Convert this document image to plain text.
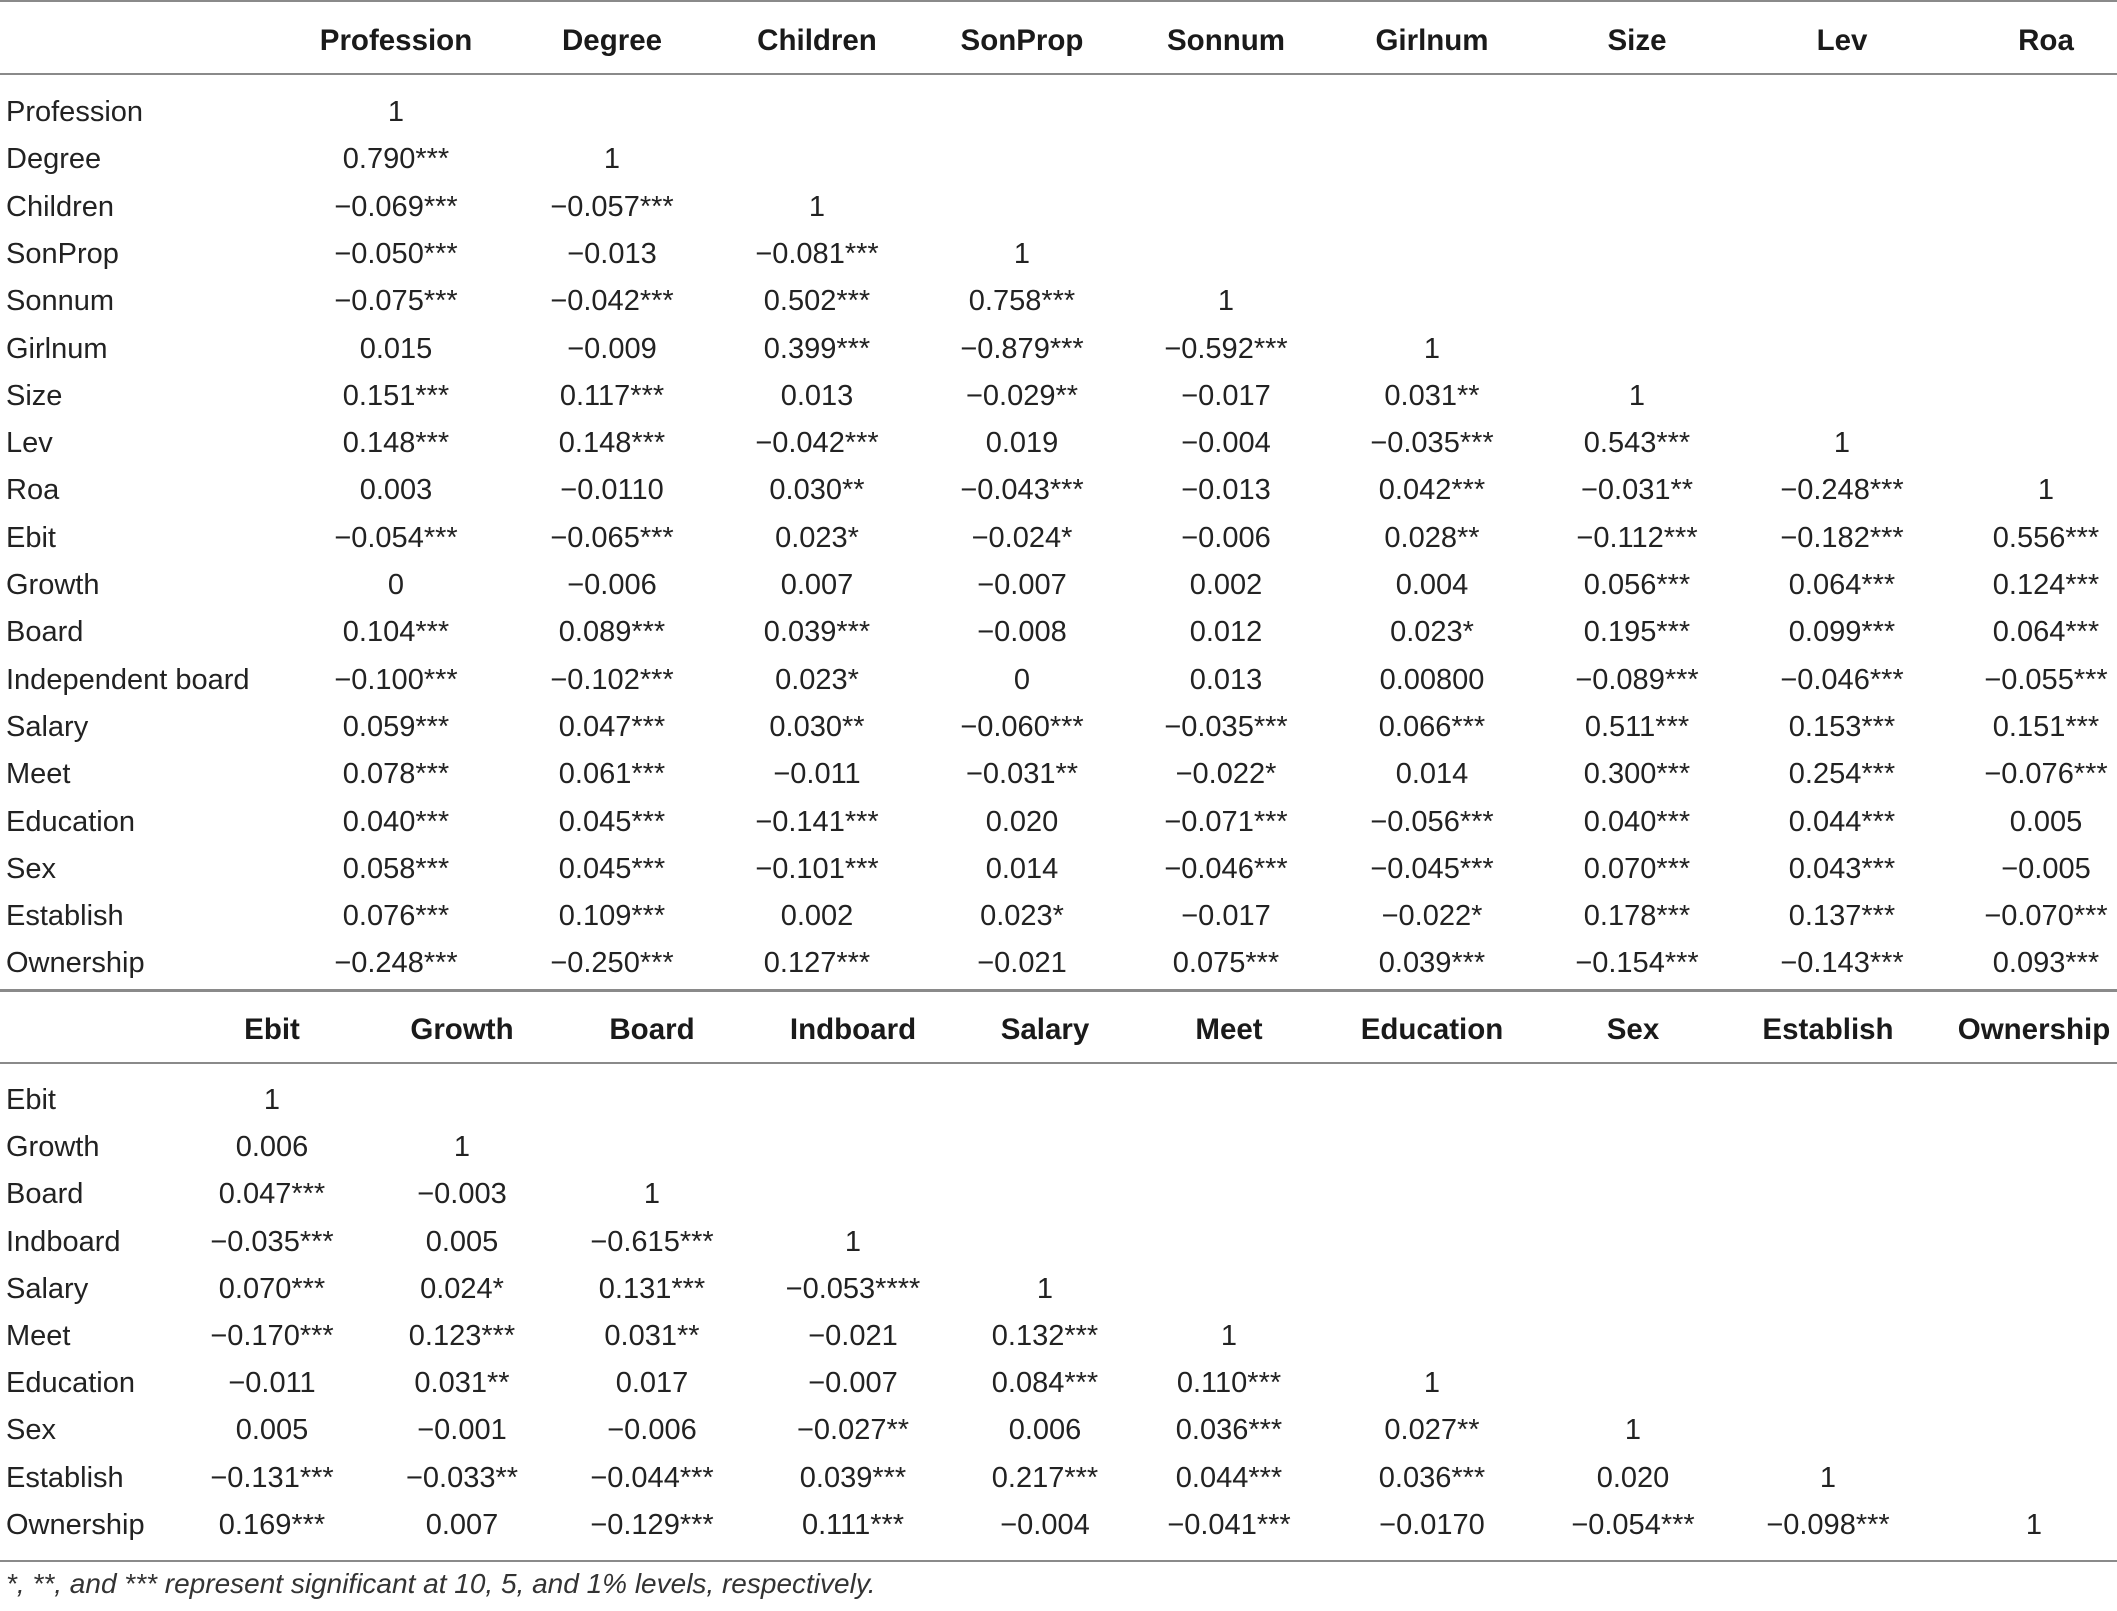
Profession	Degree	Children	SonProp	Sonnum	Girlnum	Size	Lev	Roa
Profession	1
Degree	0.790***	1
Children	−0.069***	−0.057***	1
SonProp	−0.050***	−0.013	−0.081***	1
Sonnum	−0.075***	−0.042***	0.502***	0.758***	1
Girlnum	0.015	−0.009	0.399***	−0.879***	−0.592***	1
Size	0.151***	0.117***	0.013	−0.029**	−0.017	0.031**	1
Lev	0.148***	0.148***	−0.042***	0.019	−0.004	−0.035***	0.543***	1
Roa	0.003	−0.0110	0.030**	−0.043***	−0.013	0.042***	−0.031**	−0.248***	1
Ebit	−0.054***	−0.065***	0.023*	−0.024*	−0.006	0.028**	−0.112***	−0.182***	0.556***
Growth	0	−0.006	0.007	−0.007	0.002	0.004	0.056***	0.064***	0.124***
Board	0.104***	0.089***	0.039***	−0.008	0.012	0.023*	0.195***	0.099***	0.064***
Independent board	−0.100***	−0.102***	0.023*	0	0.013	0.00800	−0.089***	−0.046***	−0.055***
Salary	0.059***	0.047***	0.030**	−0.060***	−0.035***	0.066***	0.511***	0.153***	0.151***
Meet	0.078***	0.061***	−0.011	−0.031**	−0.022*	0.014	0.300***	0.254***	−0.076***
Education	0.040***	0.045***	−0.141***	0.020	−0.071***	−0.056***	0.040***	0.044***	0.005
Sex	0.058***	0.045***	−0.101***	0.014	−0.046***	−0.045***	0.070***	0.043***	−0.005
Establish	0.076***	0.109***	0.002	0.023*	−0.017	−0.022*	0.178***	0.137***	−0.070***
Ownership	−0.248***	−0.250***	0.127***	−0.021	0.075***	0.039***	−0.154***	−0.143***	0.093***
Ebit	Growth	Board	Indboard	Salary	Meet	Education	Sex	Establish Ownership
Ebit	1
Growth	0.006	1
Board	0.047***	−0.003	1
Indboard	−0.035***	0.005	−0.615***	1
Salary	0.070***	0.024*	0.131***	−0.053****	1
Meet	−0.170***	0.123***	0.031**	−0.021	0.132***	1
Education	−0.011	0.031**	0.017	−0.007	0.084***	0.110***	1
Sex	0.005	−0.001	−0.006	−0.027**	0.006	0.036***	0.027**	1
Establish	−0.131*** −0.033** −0.044***	0.039***	0.217***	0.044***	0.036***	0.020	1
Ownership	0.169***	0.007	−0.129***	0.111***	−0.004	−0.041***	−0.0170	−0.054*** −0.098***	1
*, **, and *** represent significant at 10, 5, and 1% levels, respectively.
